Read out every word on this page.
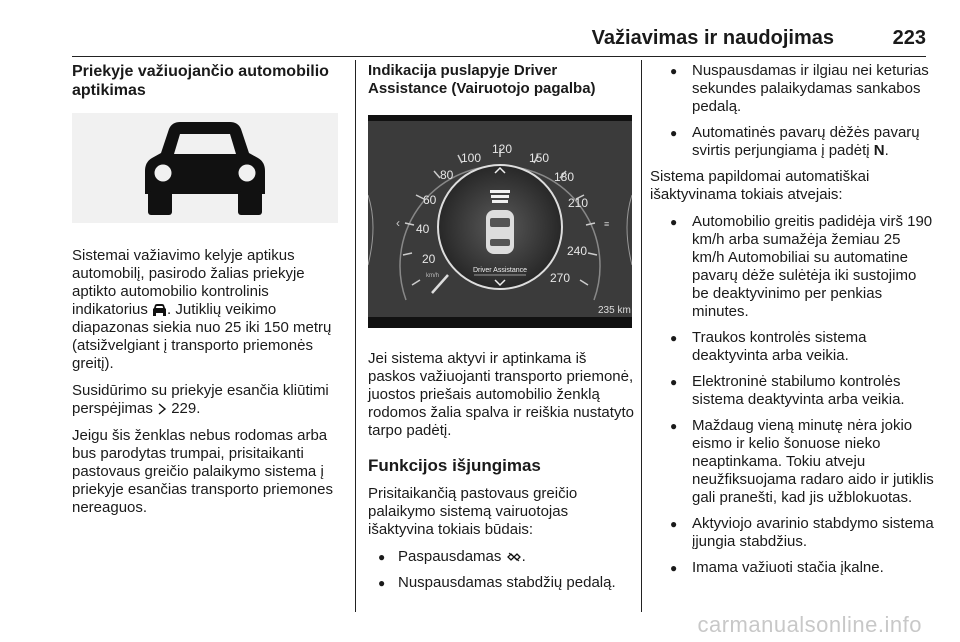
Važiavimas ir naudojimas	223
Priekyje važiuojančio automobilio aptikimas

Sistemai važiavimo kelyje aptikus automobilį, pasirodo žalias priekyje aptikto automobilio kontrolinis indikatorius . Jutiklių veikimo diapazonas siekia nuo 25 iki 150 metrų (atsižvelgiant į transporto priemonės greitį).

Susidūrimo su priekyje esančia kliūtimi perspėjimas 229.

Jeigu šis ženklas nebus rodomas arba bus parodytas trumpai, prisitaikanti pastovaus greičio palaikymo sistema į priekyje esančias transporto priemones nereaguos.

Indikacija puslapyje Driver Assistance (Vairuotojo pagalba)
20
40
60
80
100
120
150
180
210
240
270
km/h
Driver Assistance
≡
‹
235 km

Jei sistema aktyvi ir aptinkama iš paskos važiuojanti transporto priemonė, juostos priešais automobilio ženklą rodomos žalia spalva ir reiškia nustatyto tarpo padėtį.

Funkcijos išjungimas

Prisitaikančią pastovaus greičio palaikymo sistemą vairuotojas išaktyvina tokiais būdais:

● Paspausdamas .
● Nuspausdamas stabdžių pedalą.
● Nuspausdamas ir ilgiau nei keturias sekundes palaikydamas sankabos pedalą.
● Automatinės pavarų dėžės pavarų svirtis perjungiama į padėtį N.

Sistema papildomai automatiškai išaktyvinama tokiais atvejais:

● Automobilio greitis padidėja virš 190 km/h arba sumažėja žemiau 25 km/h Automobiliai su automatine pavarų dėže sulėtėja iki sustojimo be deaktyvinimo per penkias minutes.
● Traukos kontrolės sistema deaktyvinta arba veikia.
● Elektroninė stabilumo kontrolės sistema deaktyvinta arba veikia.
● Maždaug vieną minutę nėra jokio eismo ir kelio šonuose nieko neaptinkama. Tokiu atveju neužfiksuojama radaro aido ir jutiklis gali pranešti, kad jis užblokuotas.
● Aktyviojo avarinio stabdymo sistema įjungia stabdžius.
● Imama važiuoti stačia įkalne.
carmanualsonline.info
